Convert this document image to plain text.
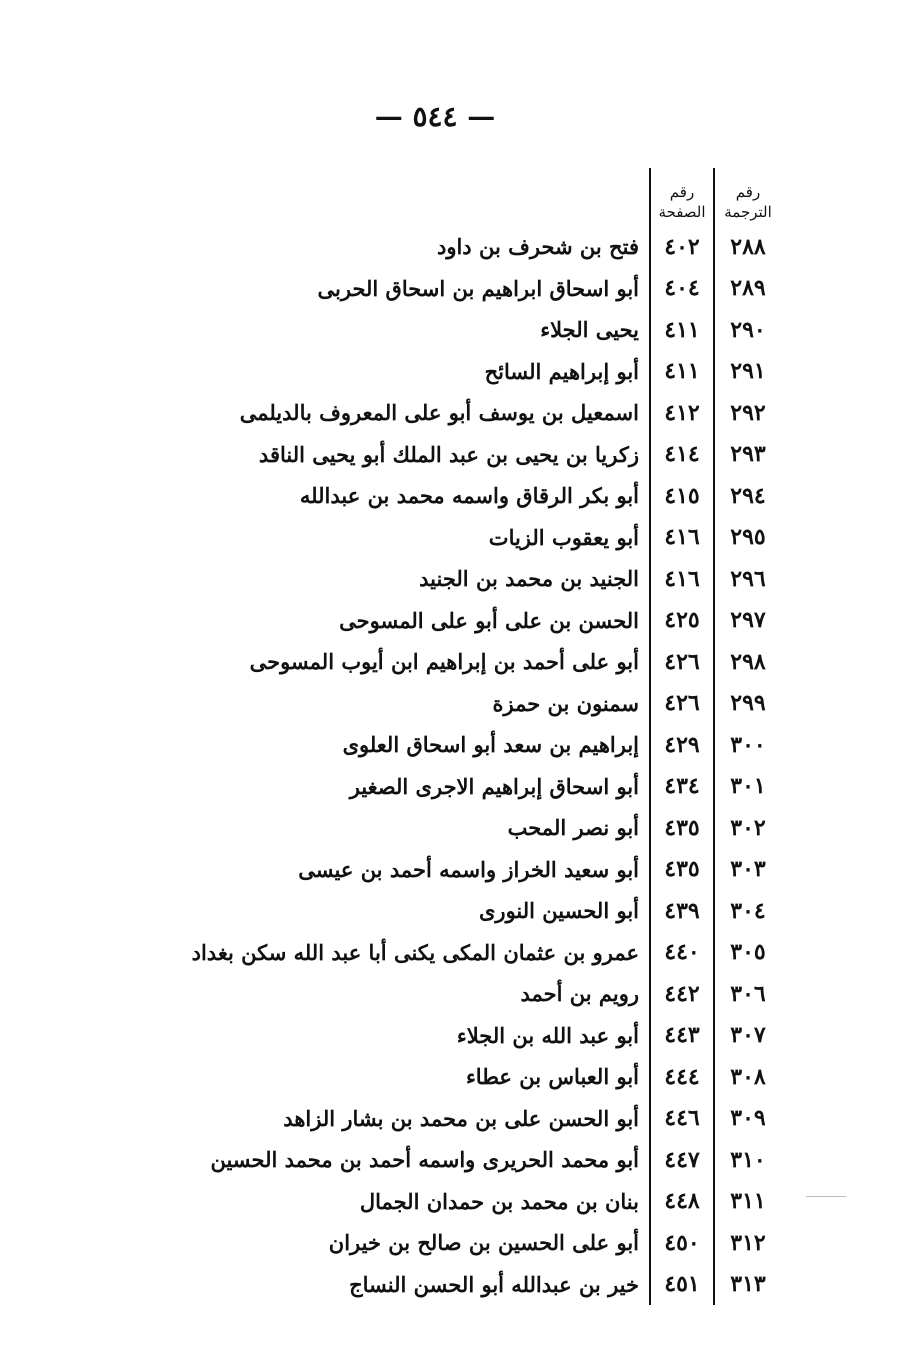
— ٥٤٤ —
رقم
الترجمة
رقم
الصفحة
٢٨٨
٤٠٢
فتح بن شحرف بن داود
٢٨٩
٤٠٤
أبو اسحاق ابراهيم بن اسحاق الحربى
٢٩٠
٤١١
يحيى الجلاء
٢٩١
٤١١
أبو إبراهيم السائح
٢٩٢
٤١٢
اسمعيل بن يوسف أبو على المعروف بالديلمى
٢٩٣
٤١٤
زكريا بن يحيى بن عبد الملك أبو يحيى الناقد
٢٩٤
٤١٥
أبو بكر الرقاق واسمه محمد بن عبدالله
٢٩٥
٤١٦
أبو يعقوب الزيات
٢٩٦
٤١٦
الجنيد بن محمد بن الجنيد
٢٩٧
٤٢٥
الحسن بن على أبو على المسوحى
٢٩٨
٤٢٦
أبو على أحمد بن إبراهيم ابن أيوب المسوحى
٢٩٩
٤٢٦
سمنون بن حمزة
٣٠٠
٤٢٩
إبراهيم بن سعد أبو اسحاق العلوى
٣٠١
٤٣٤
أبو اسحاق إبراهيم الاجرى الصغير
٣٠٢
٤٣٥
أبو نصر المحب
٣٠٣
٤٣٥
أبو سعيد الخراز واسمه أحمد بن عيسى
٣٠٤
٤٣٩
أبو الحسين النورى
٣٠٥
٤٤٠
عمرو بن عثمان المكى يكنى أبا عبد الله سكن بغداد
٣٠٦
٤٤٢
رويم بن أحمد
٣٠٧
٤٤٣
أبو عبد الله بن الجلاء
٣٠٨
٤٤٤
أبو العباس بن عطاء
٣٠٩
٤٤٦
أبو الحسن على بن محمد بن بشار الزاهد
٣١٠
٤٤٧
أبو محمد الحريرى واسمه أحمد بن محمد الحسين
٣١١
٤٤٨
بنان بن محمد بن حمدان الجمال
٣١٢
٤٥٠
أبو على الحسين بن صالح بن خيران
٣١٣
٤٥١
خير بن عبدالله أبو الحسن النساج
